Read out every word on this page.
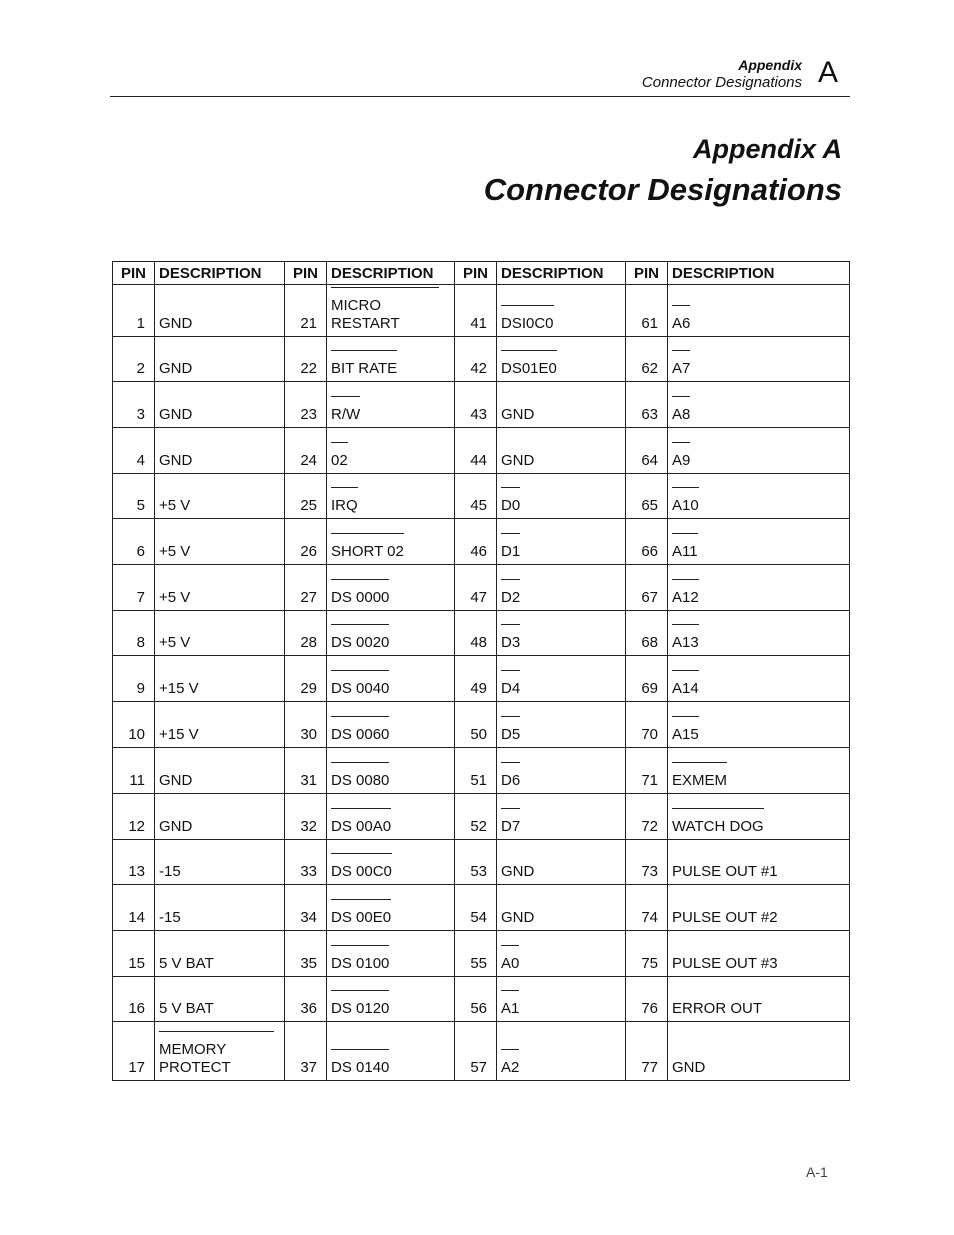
Appendix
Connector Designations A
Appendix A
Connector Designations
PIN	DESCRIPTION	PIN	DESCRIPTION	PIN	DESCRIPTION	PIN	DESCRIPTION
1	GND	21	MICRO RESTART	41	DSI0C0	61	A6
2	GND	22	BIT RATE	42	DS01E0	62	A7
3	GND	23	R/W	43	GND	63	A8
4	GND	24	02	44	GND	64	A9
5	+5 V	25	IRQ	45	D0	65	A10
6	+5 V	26	SHORT 02	46	D1	66	A11
7	+5 V	27	DS 0000	47	D2	67	A12
8	+5 V	28	DS 0020	48	D3	68	A13
9	+15 V	29	DS 0040	49	D4	69	A14
10	+15 V	30	DS 0060	50	D5	70	A15
11	GND	31	DS 0080	51	D6	71	EXMEM
12	GND	32	DS 00A0	52	D7	72	WATCH DOG
13	-15	33	DS 00C0	53	GND	73	PULSE OUT #1
14	-15	34	DS 00E0	54	GND	74	PULSE OUT #2
15	5 V BAT	35	DS 0100	55	A0	75	PULSE OUT #3
16	5 V BAT	36	DS 0120	56	A1	76	ERROR OUT
17	MEMORY PROTECT	37	DS 0140	57	A2	77	GND
A-1
